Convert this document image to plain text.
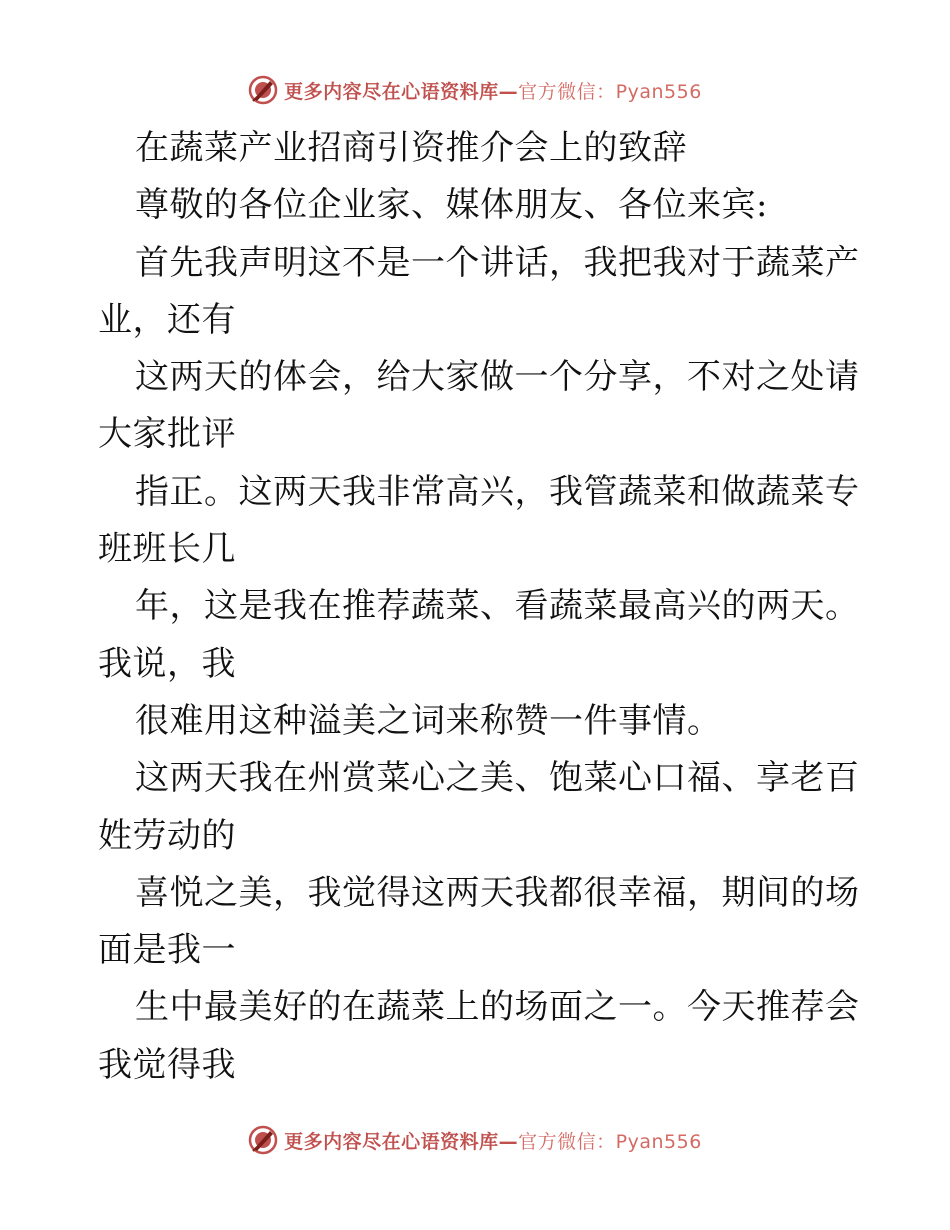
更多内容尽在心语资料库—官方微信：Pyan556
在蔬菜产业招商引资推介会上的致辞
尊敬的各位企业家、媒体朋友、各位来宾:
首先我声明这不是一个讲话，我把我对于蔬菜产
业，还有
这两天的体会，给大家做一个分享，不对之处请
大家批评
指正。这两天我非常高兴，我管蔬菜和做蔬菜专
班班长几
年，这是我在推荐蔬菜、看蔬菜最高兴的两天。
我说，我
很难用这种溢美之词来称赞一件事情。
这两天我在州赏菜心之美、饱菜心口福、享老百
姓劳动的
喜悦之美，我觉得这两天我都很幸福，期间的场
面是我一
生中最美好的在蔬菜上的场面之一。今天推荐会
我觉得我
更多内容尽在心语资料库—官方微信：Pyan556
